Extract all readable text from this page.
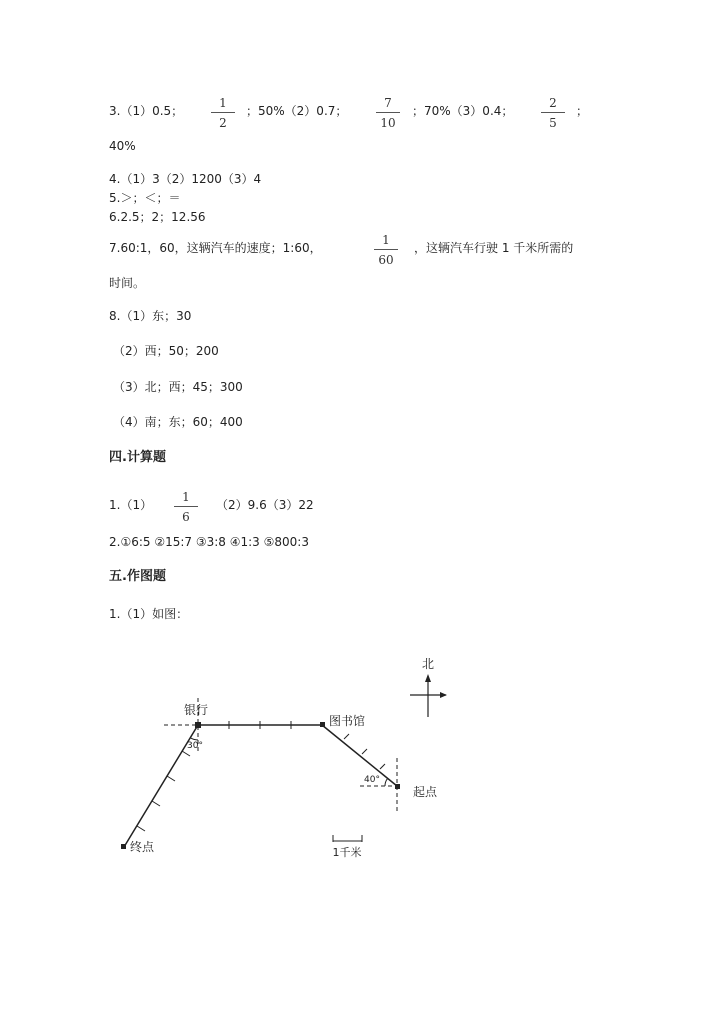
3.（1）0.5；
1
2
；50%（2）0.7；
7
10
；70%（3）0.4；
2
5
；
40%
4.（1）3（2）1200（3）4
5.＞；＜；＝
6.2.5；2；12.56
7.60:1，60，这辆汽车的速度；1:60，
1
60
，这辆汽车行驶 1 千米所需的
时间。
8.（1）东；30
（2）西；50；200
（3）北；西；45；300
（4）南；东；60；400
四.计算题
1.（1）
1
6
（2）9.6（3）22
2.①6:5 ②15:7 ③3:8 ④1:3 ⑤800:3
五.作图题
1.（1）如图：
北
银行
图书馆
起点
终点
30°
40°
1千米
